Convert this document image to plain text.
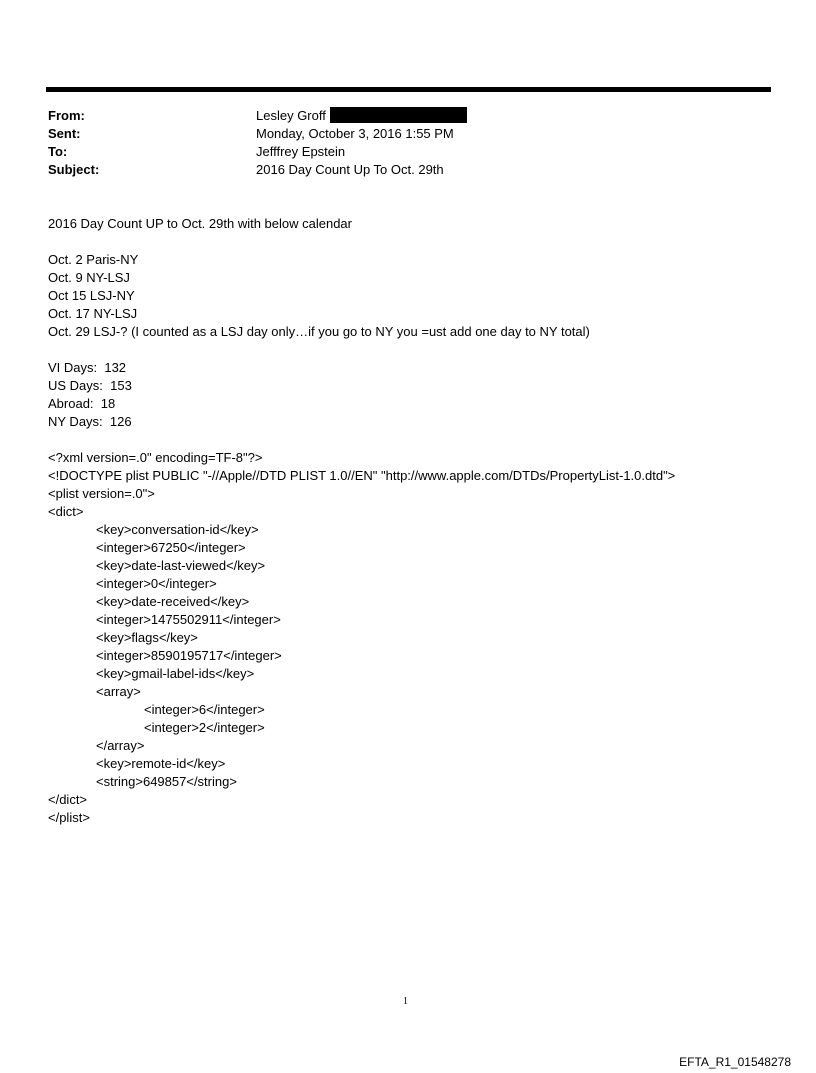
From:	Lesley Groff
Sent:	Monday, October 3, 2016 1:55 PM
To:	Jefffrey Epstein
Subject:	2016 Day Count Up To Oct. 29th
2016 Day Count UP to Oct. 29th with below calendar
Oct. 2 Paris-NY
Oct. 9 NY-LSJ
Oct 15 LSJ-NY
Oct. 17 NY-LSJ
Oct. 29 LSJ-? (I counted as a LSJ day only…if you go to NY you =ust add one day to NY total)
VI Days:  132
US Days:  153
Abroad:  18
NY Days:  126
<?xml version=.0" encoding=TF-8"?>
<!DOCTYPE plist PUBLIC "-//Apple//DTD PLIST 1.0//EN" "http://www.apple.com/DTDs/PropertyList-1.0.dtd">
<plist version=.0">
<dict>
<key>conversation-id</key>
<integer>67250</integer>
<key>date-last-viewed</key>
<integer>0</integer>
<key>date-received</key>
<integer>1475502911</integer>
<key>flags</key>
<integer>8590195717</integer>
<key>gmail-label-ids</key>
<array>
<integer>6</integer>
<integer>2</integer>
</array>
<key>remote-id</key>
<string>649857</string>
</dict>
</plist>
1
EFTA_R1_01548278
